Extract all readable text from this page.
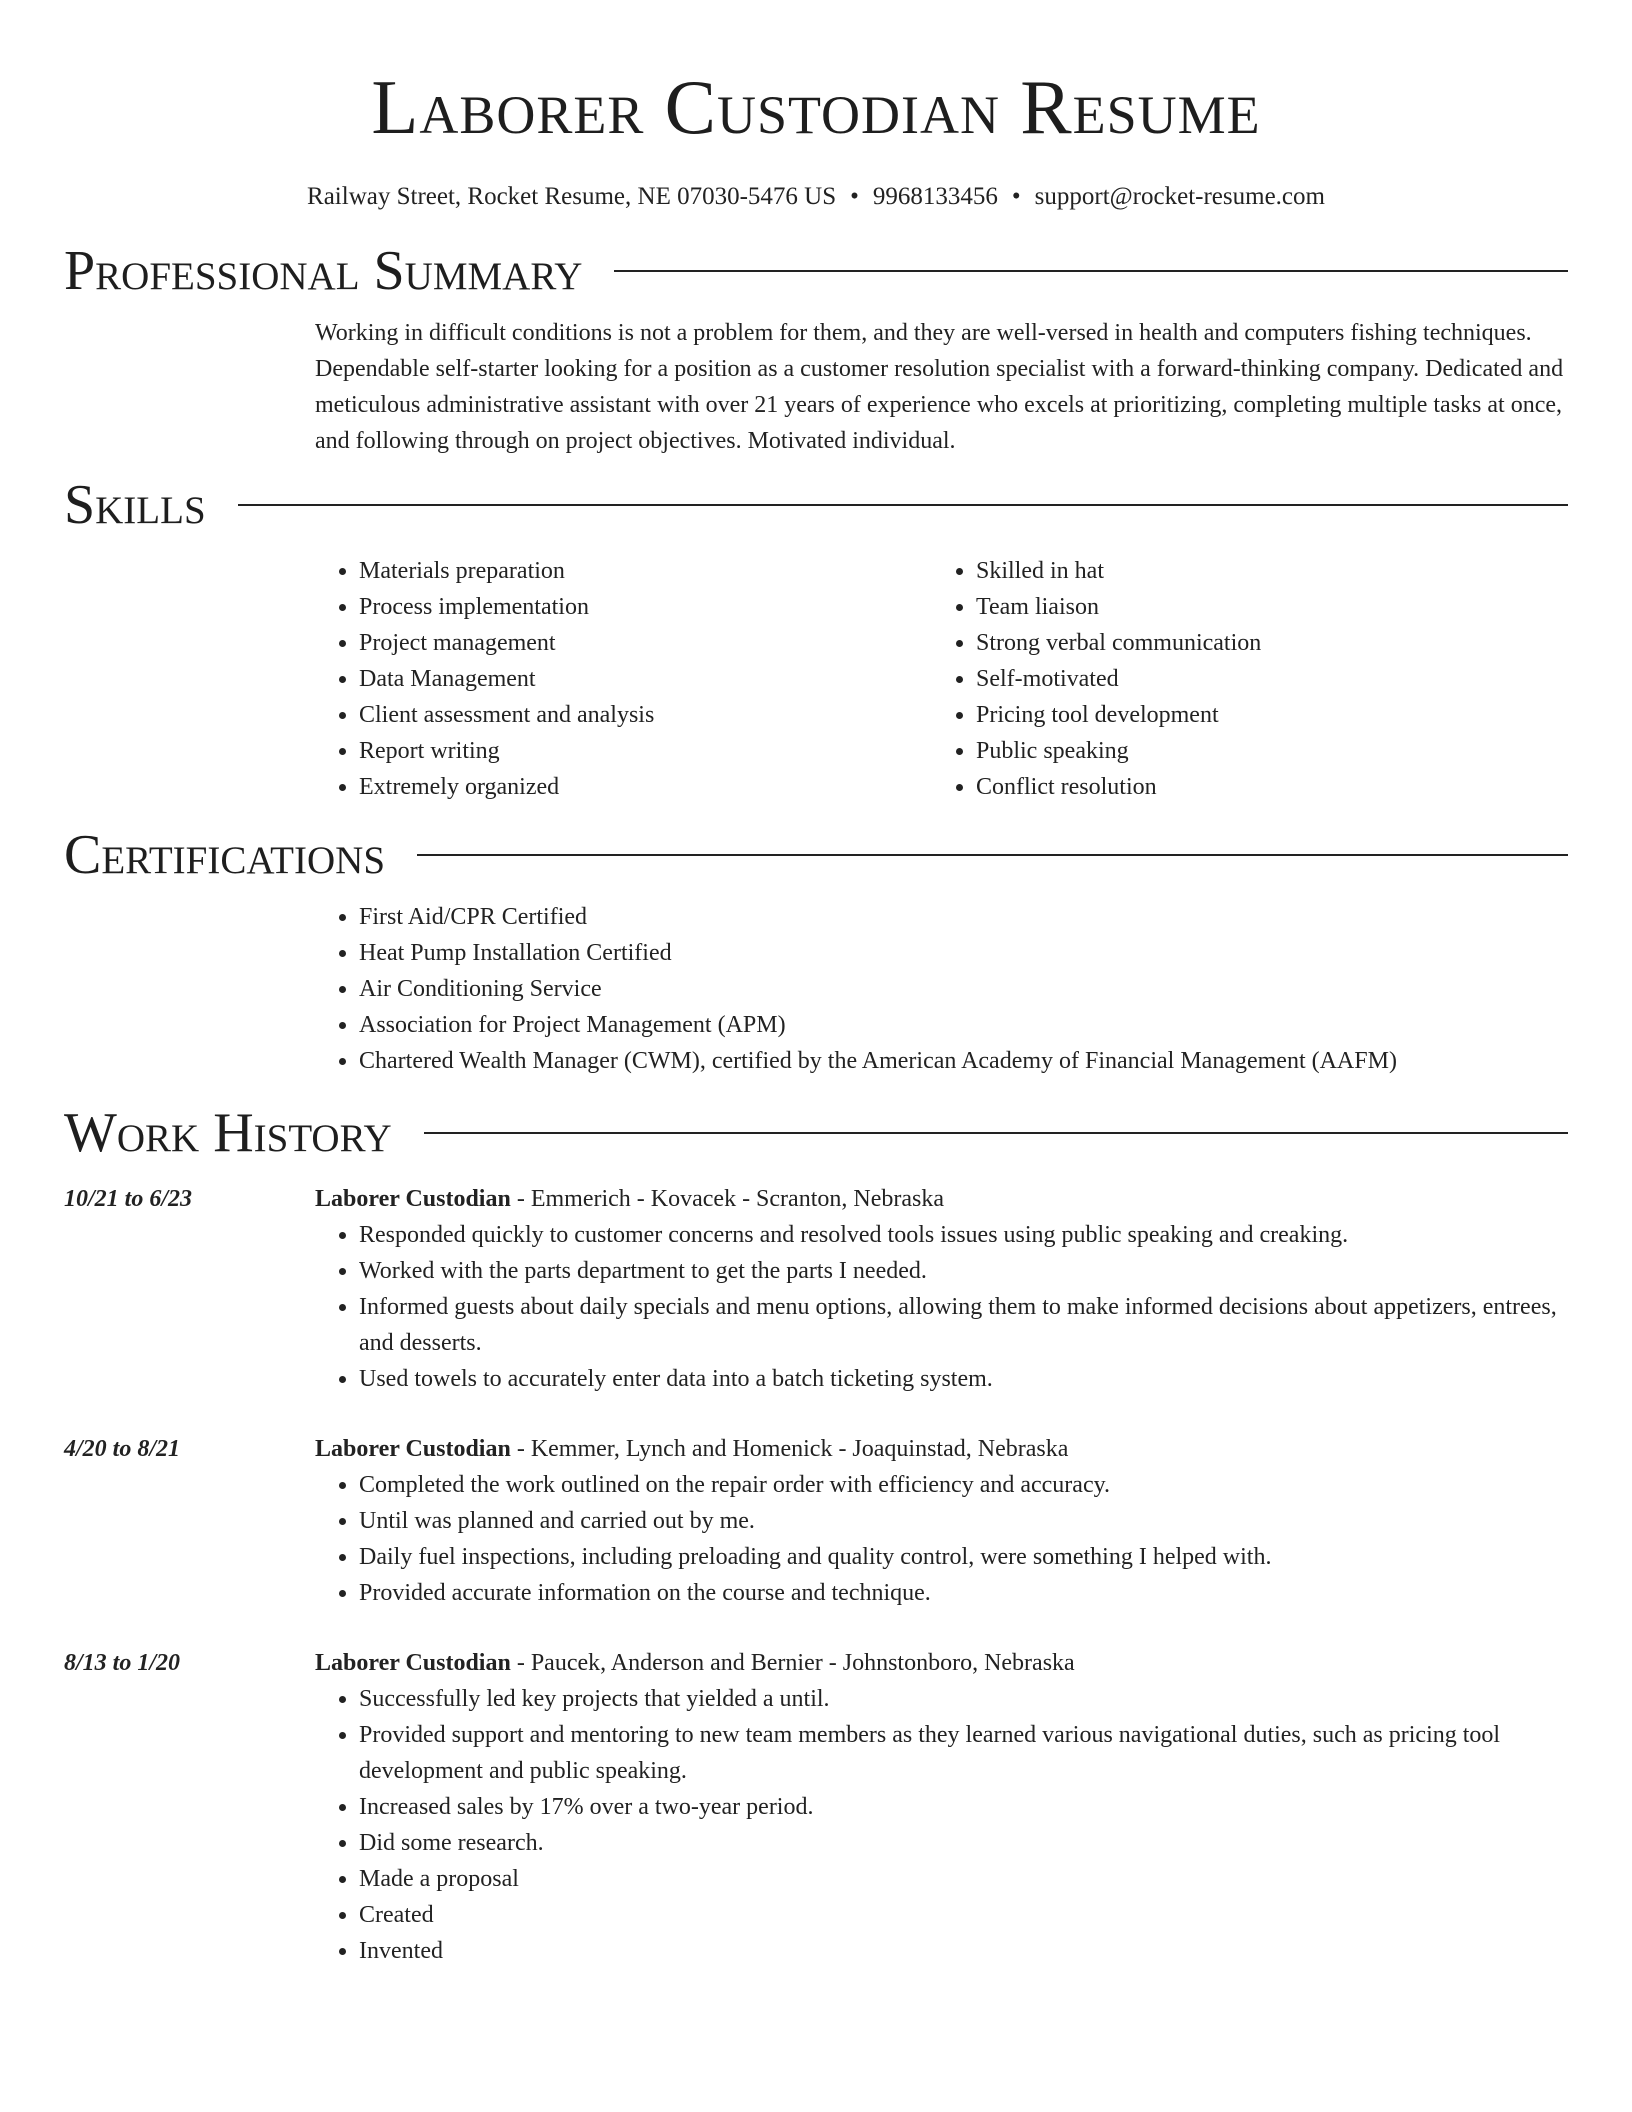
Laborer Custodian Resume
Railway Street, Rocket Resume, NE 07030-5476 US • 9968133456 • support@rocket-resume.com
Professional Summary
Working in difficult conditions is not a problem for them, and they are well-versed in health and computers fishing techniques. Dependable self-starter looking for a position as a customer resolution specialist with a forward-thinking company. Dedicated and meticulous administrative assistant with over 21 years of experience who excels at prioritizing, completing multiple tasks at once, and following through on project objectives. Motivated individual.
Skills
• Materials preparation
• Process implementation
• Project management
• Data Management
• Client assessment and analysis
• Report writing
• Extremely organized
• Skilled in hat
• Team liaison
• Strong verbal communication
• Self-motivated
• Pricing tool development
• Public speaking
• Conflict resolution
Certifications
• First Aid/CPR Certified
• Heat Pump Installation Certified
• Air Conditioning Service
• Association for Project Management (APM)
• Chartered Wealth Manager (CWM), certified by the American Academy of Financial Management (AAFM)
Work History
10/21 to 6/23	Laborer Custodian - Emmerich - Kovacek - Scranton, Nebraska
• Responded quickly to customer concerns and resolved tools issues using public speaking and creaking.
• Worked with the parts department to get the parts I needed.
• Informed guests about daily specials and menu options, allowing them to make informed decisions about appetizers, entrees, and desserts.
• Used towels to accurately enter data into a batch ticketing system.
4/20 to 8/21	Laborer Custodian - Kemmer, Lynch and Homenick - Joaquinstad, Nebraska
• Completed the work outlined on the repair order with efficiency and accuracy.
• Until was planned and carried out by me.
• Daily fuel inspections, including preloading and quality control, were something I helped with.
• Provided accurate information on the course and technique.
8/13 to 1/20	Laborer Custodian - Paucek, Anderson and Bernier - Johnstonboro, Nebraska
• Successfully led key projects that yielded a until.
• Provided support and mentoring to new team members as they learned various navigational duties, such as pricing tool development and public speaking.
• Increased sales by 17% over a two-year period.
• Did some research.
• Made a proposal
• Created
• Invented
